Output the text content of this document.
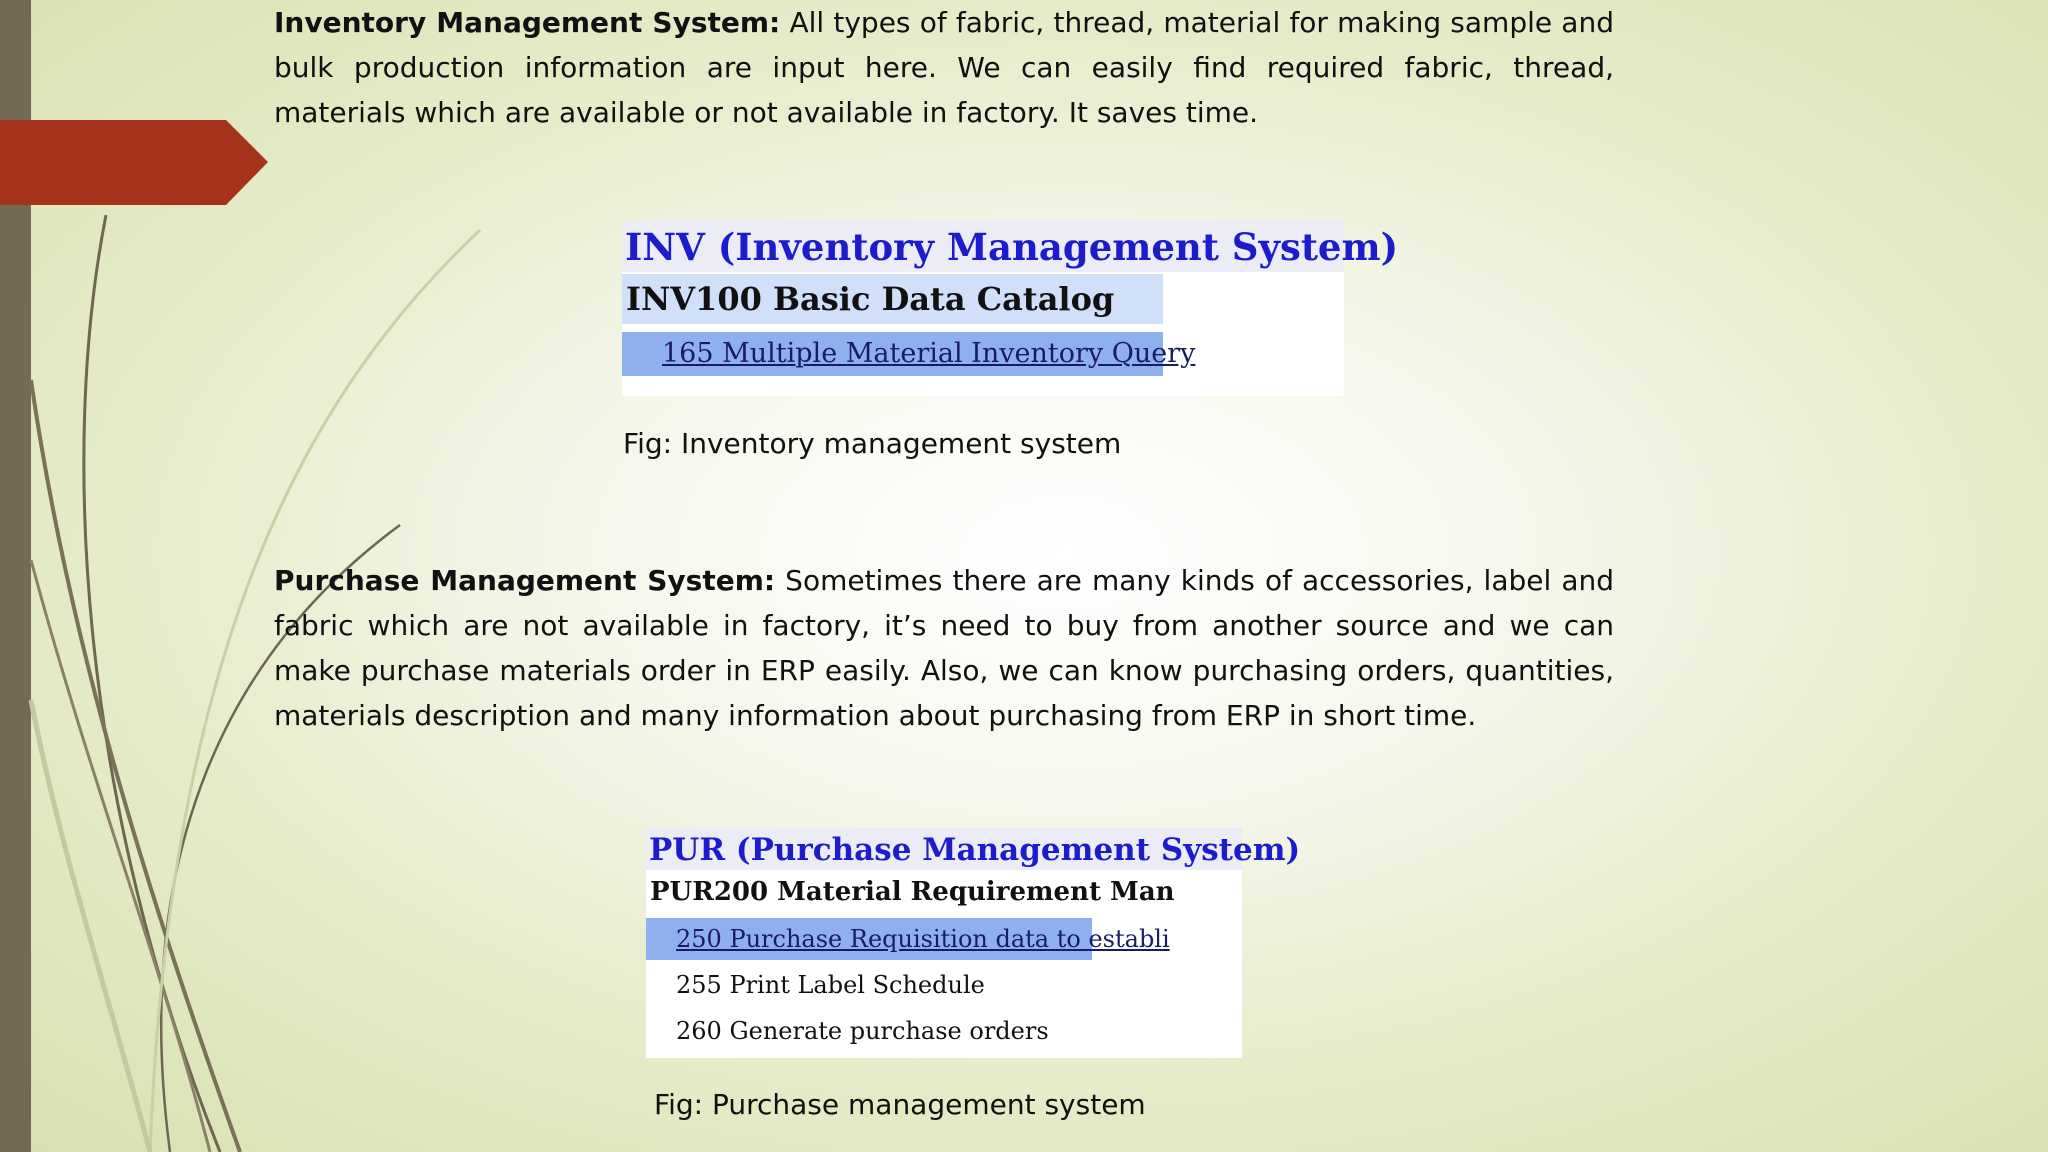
Inventory Management System: All types of fabric, thread, material for making sample and bulk production information are input here. We can easily find required fabric, thread, materials which are available or not available in factory. It saves time.

INV (Inventory Management System)
INV100 Basic Data Catalog
165 Multiple Material Inventory Query
Fig: Inventory management system

Purchase Management System: Sometimes there are many kinds of accessories, label and fabric which are not available in factory, it’s need to buy from another source and we can make purchase materials order in ERP easily. Also, we can know purchasing orders, quantities, materials description and many information about purchasing from ERP in short time.

PUR (Purchase Management System)
PUR200 Material Requirement Man
250 Purchase Requisition data to establi
255 Print Label Schedule
260 Generate purchase orders
Fig: Purchase management system
